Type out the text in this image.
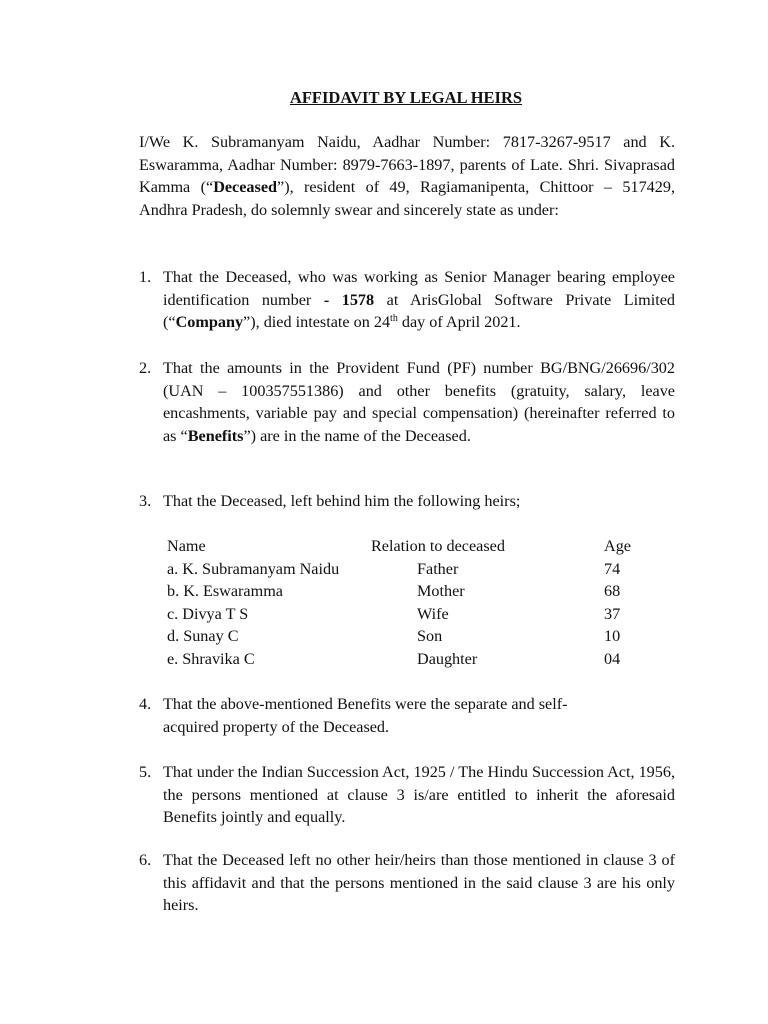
AFFIDAVIT BY LEGAL HEIRS

I/We K. Subramanyam Naidu, Aadhar Number: 7817-3267-9517 and K. Eswaramma, Aadhar Number: 8979-7663-1897, parents of Late. Shri. Sivaprasad Kamma (“Deceased”), resident of 49, Ragiamanipenta, Chittoor – 517429, Andhra Pradesh, do solemnly swear and sincerely state as under:

1. That the Deceased, who was working as Senior Manager bearing employee identification number - 1578 at ArisGlobal Software Private Limited (“Company”), died intestate on 24th day of April 2021.

2. That the amounts in the Provident Fund (PF) number BG/BNG/26696/302 (UAN – 100357551386) and other benefits (gratuity, salary, leave encashments, variable pay and special compensation) (hereinafter referred to as “Benefits”) are in the name of the Deceased.

3. That the Deceased, left behind him the following heirs;

Name	Relation to deceased	Age
a. K. Subramanyam Naidu	Father	74
b. K. Eswaramma	Mother	68
c. Divya T S	Wife	37
d. Sunay C	Son	10
e. Shravika C	Daughter	04
4. That the above-mentioned Benefits were the separate and self-
acquired property of the Deceased.

5. That under the Indian Succession Act, 1925 / The Hindu Succession Act, 1956, the persons mentioned at clause 3 is/are entitled to inherit the aforesaid Benefits jointly and equally.

6. That the Deceased left no other heir/heirs than those mentioned in clause 3 of this affidavit and that the persons mentioned in the said clause 3 are his only heirs.
